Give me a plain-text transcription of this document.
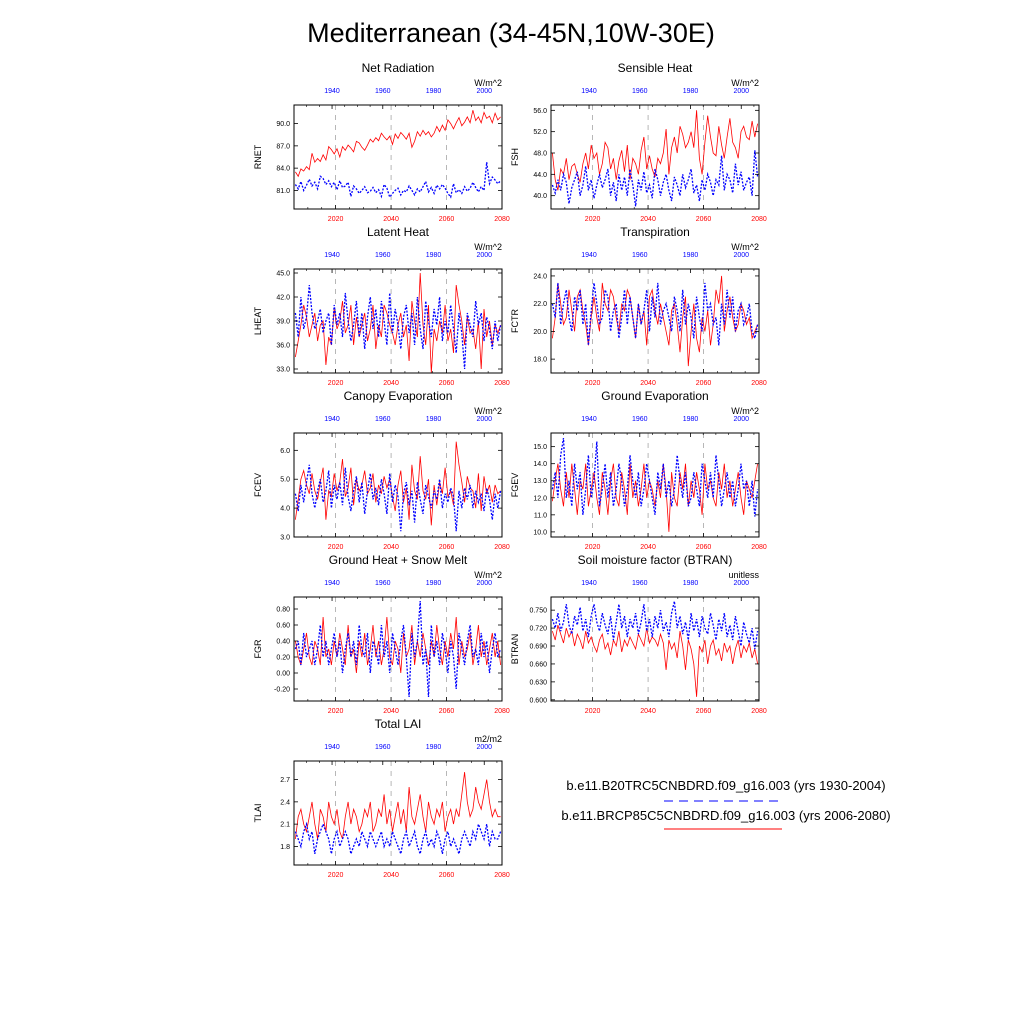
Mediterranean (34-45N,10W-30E)
Net Radiation
W/m^2
RNET
81.0
84.0
87.0
90.0
2020	2040	2060	2080
1940	1960	1980	2000
Sensible Heat
W/m^2
FSH
40.0
44.0
48.0
52.0
56.0
2020	2040	2060	2080
1940	1960	1980	2000
Latent Heat
W/m^2
LHEAT
33.0
36.0
39.0
42.0
45.0
2020	2040	2060	2080
1940	1960	1980	2000
Transpiration
W/m^2
FCTR
18.0
20.0
22.0
24.0
2020	2040	2060	2080
1940	1960	1980	2000
Canopy Evaporation
W/m^2
FCEV
3.0
4.0
5.0
6.0
2020	2040	2060	2080
1940	1960	1980	2000
Ground Evaporation
W/m^2
FGEV
10.0
11.0
12.0
13.0
14.0
15.0
2020	2040	2060	2080
1940	1960	1980	2000
Ground Heat + Snow Melt
W/m^2
FGR
-0.20
0.00
0.20
0.40
0.60
0.80
2020	2040	2060	2080
1940	1960	1980	2000
Soil moisture factor (BTRAN)
unitless
BTRAN
0.600
0.630
0.660
0.690
0.720
0.750
2020	2040	2060	2080
1940	1960	1980	2000
Total LAI
m2/m2
TLAI
1.8
2.1
2.4
2.7
2020	2040	2060	2080
1940	1960	1980	2000
b.e11.B20TRC5CNBDRD.f09_g16.003 (yrs 1930-2004)
b.e11.BRCP85C5CNBDRD.f09_g16.003 (yrs 2006-2080)
